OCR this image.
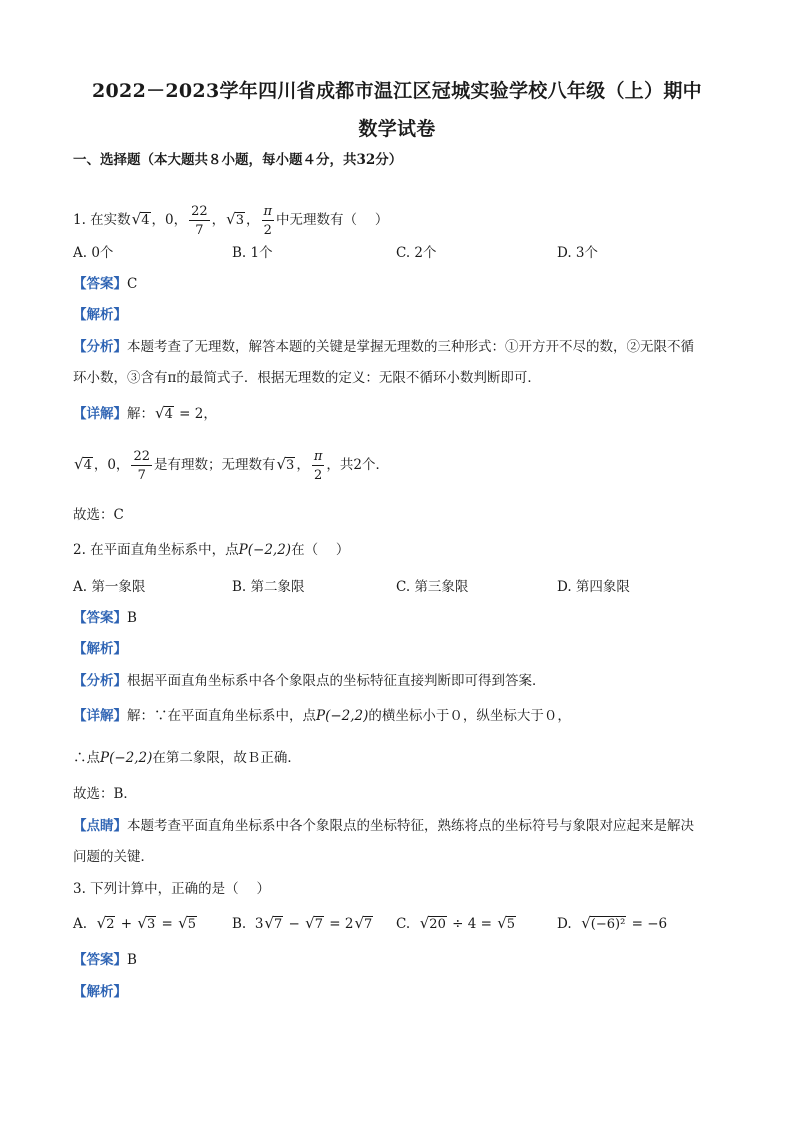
2022－2023学年四川省成都市温江区冠城实验学校八年级（上）期中
数学试卷
一、选择题（本大题共８小题，每小题４分，共32分）
1. 在实数 √ 4 ，0， $\frac{22}{7}$ ， √ 3 ， $\frac{\pi}{2}$ 中无理数有（　 ）
A. 0个	B. 1个	C. 2个	D. 3个
【答案】C
【解析】
【分析】本题考查了无理数，解答本题的关键是掌握无理数的三种形式：①开方开不尽的数，②无限不循
环小数，③含有π的最简式子．根据无理数的定义：无限不循环小数判断即可．
【详解】解： √ 4 = 2，
√ 4 ，0， $\frac{22}{7}$ 是有理数；无理数有 √ 3 ， $\frac{\pi}{2}$ ，共2个．
故选：C
2. 在平面直角坐标系中，点P(−2,2)在（　 ）
A. 第一象限	B. 第二象限	C. 第三象限	D. 第四象限
【答案】B
【解析】
【分析】根据平面直角坐标系中各个象限点的坐标特征直接判断即可得到答案．
【详解】解：∵在平面直角坐标系中，点P(−2,2)的横坐标小于０，纵坐标大于０，
∴点P(−2,2)在第二象限，故Ｂ正确．
故选：B．
【点睛】本题考查平面直角坐标系中各个象限点的坐标特征，熟练将点的坐标符号与象限对应起来是解决
问题的关键．
3. 下列计算中，正确的是（　 ）
A. √ 2 + √ 3 = √ 5	B. 3 √ 7 − √ 7 = 2 √ 7 C. √ 20 ÷ 4 = √ 5	D. √ (−6)² = −6
【答案】B
【解析】
